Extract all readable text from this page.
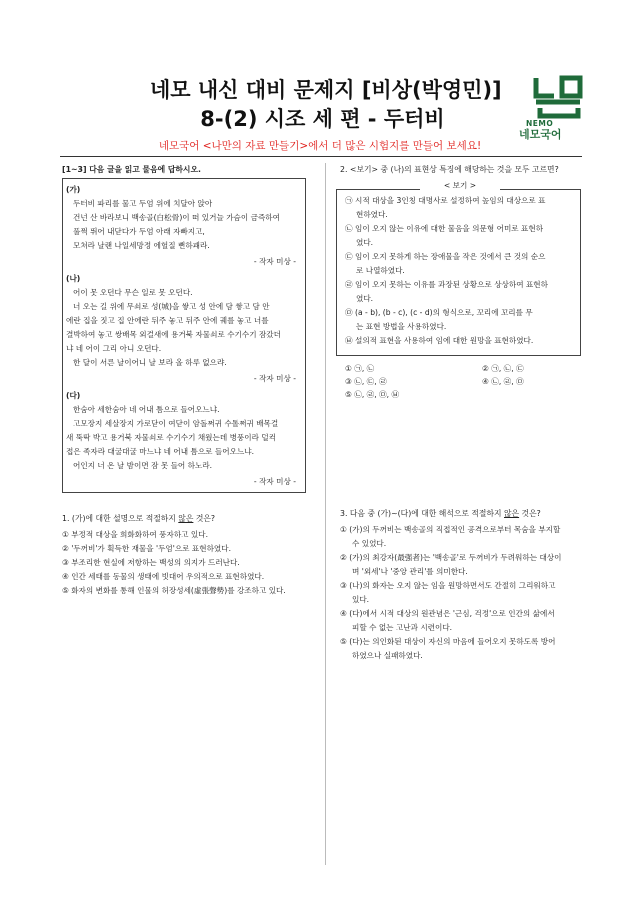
네모 내신 대비 문제지 [비상(박영민)]
8-(2) 시조 세 편 - 두터비
네모국어 <나만의 자료 만들기>에서 더 많은 시험지를 만들어 보세요!
NEMO
네모국어
[1~3] 다음 글을 읽고 물음에 답하시오.
(가)
두터비 파리를 물고 두엄 위에 치달아 앉아
건넌 산 바라보니 백송골(白松骨)이 떠 있거늘 가슴이 금즉하여
풀쩍 뛰어 내닫다가 두엄 아래 자빠지고,
모쳐라 날랜 나일세망정 에헐질 뻔하괘라.
- 작자 미상 -
(나)
어이 못 오던다 무슨 일로 못 오던다.
너 오는 길 위에 무쇠로 성(城)을 쌓고 성 안에 담 쌓고 담 안
에란 집을 짓고 집 안에란 뒤주 놓고 뒤주 안에 궤를 놓고 너를
결박하여 놓고 쌍배목 외걸새에 용거북 자물쇠로 수기수기 잠갔더
냐 네 어이 그리 아니 오던다.
한 달이 서른 날이어니 날 보라 올 하루 없으랴.
- 작자 미상 -
(다)
한숨아 세한숨아 네 어내 틈으로 들어오느냐.
고모장지 세살장지 가로닫이 여닫이 암돌쩌귀 수톨쩌귀 배목걸
새 뚝딱 박고 용거북 자물쇠로 수기수기 채웠는데 병풍이라 덜컥
접은 족자라 대굴대굴 마느냐 네 어내 틈으로 들어오느냐.
어인지 너 온 날 밤이면 잠 못 들어 하노라.
- 작자 미상 -
1. (가)에 대한 설명으로 적절하지 않은 것은?
① 부정적 대상을 희화화하여 풍자하고 있다.
② '두꺼비'가 획득한 재물을 '두엄'으로 표현하였다.
③ 부조리한 현실에 저항하는 백성의 의지가 드러난다.
④ 인간 세태를 동물의 생태에 빗대어 우의적으로 표현하였다.
⑤ 화자의 변화를 통해 인물의 허장성세(虛張聲勢)를 강조하고 있다.
2. <보기> 중 (나)의 표현상 특징에 해당하는 것을 모두 고르면?
< 보기 >
㉠ 시적 대상을 3인칭 대명사로 설정하여 높임의 대상으로 표
현하였다.
㉡ 임이 오지 않는 이유에 대한 물음을 의문형 어미로 표현하
였다.
㉢ 임이 오지 못하게 하는 장애물을 작은 것에서 큰 것의 순으
로 나열하였다.
㉣ 임이 오지 못하는 이유를 과장된 상황으로 상상하여 표현하
였다.
㉤ (a - b), (b - c), (c - d)의 형식으로, 꼬리에 꼬리를 무
는 표현 방법을 사용하였다.
㉥ 설의적 표현을 사용하여 임에 대한 원망을 표현하였다.
① ㉠, ㉡	② ㉠, ㉡, ㉢
③ ㉡, ㉢, ㉣	④ ㉡, ㉣, ㉤
⑤ ㉡, ㉣, ㉤, ㉥
3. 다음 중 (가)~(다)에 대한 해석으로 적절하지 않은 것은?
① (가)의 두꺼비는 백송골의 직접적인 공격으로부터 목숨을 부지할
수 있었다.
② (가)의 최강자(最强者)는 '백송골'로 두꺼비가 두려워하는 대상이
며 '외세'나 '중앙 관리'를 의미한다.
③ (나)의 화자는 오지 않는 임을 원망하면서도 간절히 그리워하고
있다.
④ (다)에서 시적 대상의 원관념은 '근심, 걱정'으로 인간의 삶에서
피할 수 없는 고난과 시련이다.
⑤ (다)는 의인화된 대상이 자신의 마음에 들어오지 못하도록 방어
하였으나 실패하였다.
